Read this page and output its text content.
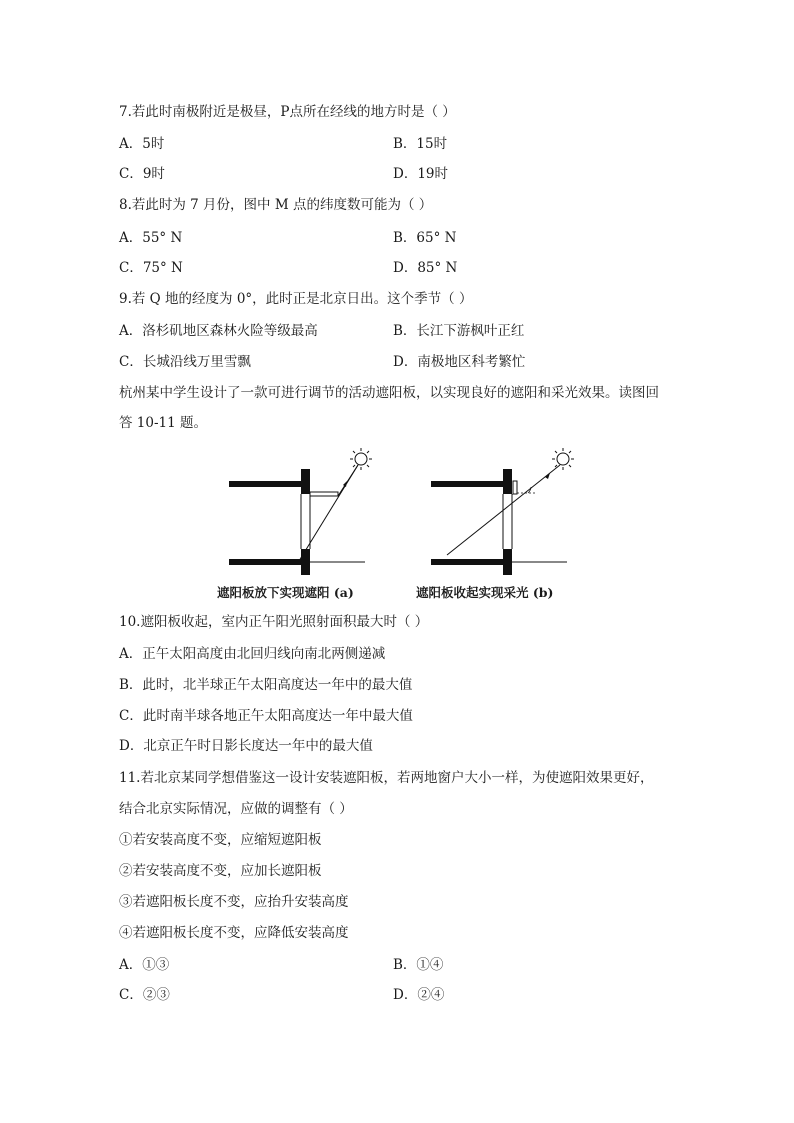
7.若此时南极附近是极昼，P点所在经线的地方时是（ ）
A．5时	B．15时
C．9时	D．19时
8.若此时为 7 月份，图中 M 点的纬度数可能为（ ）
A．55° N	B．65° N
C．75° N	D．85° N
9.若 Q 地的经度为 0°，此时正是北京日出。这个季节（ ）
A．洛杉矶地区森林火险等级最高	B．长江下游枫叶正红
C．长城沿线万里雪飘	D．南极地区科考繁忙
杭州某中学生设计了一款可进行调节的活动遮阳板，以实现良好的遮阳和采光效果。读图回
答 10-11 题。
遮阳板放下实现遮阳 (a)	遮阳板收起实现采光 (b)
10.遮阳板收起，室内正午阳光照射面积最大时（ ）
A．正午太阳高度由北回归线向南北两侧递减
B．此时，北半球正午太阳高度达一年中的最大值
C．此时南半球各地正午太阳高度达一年中最大值
D．北京正午时日影长度达一年中的最大值
11.若北京某同学想借鉴这一设计安装遮阳板，若两地窗户大小一样，为使遮阳效果更好，
结合北京实际情况，应做的调整有（ ）
①若安装高度不变，应缩短遮阳板
②若安装高度不变，应加长遮阳板
③若遮阳板长度不变，应抬升安装高度
④若遮阳板长度不变，应降低安装高度
A．①③	B．①④
C．②③	D．②④
